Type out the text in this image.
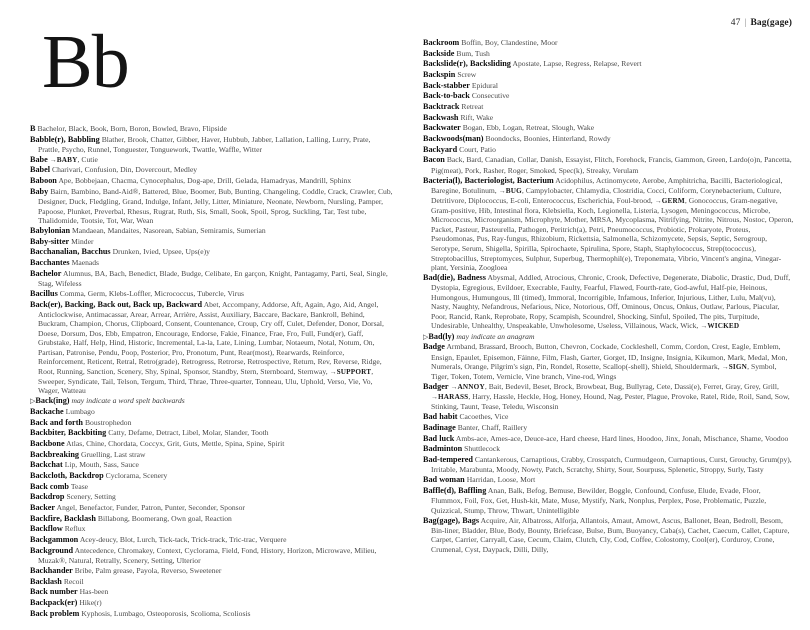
47 | Bag(gage)
Bb
B Bachelor, Black, Book, Born, Boron, Bowled, Bravo, Flipside
Babble(r), Babbling Blather, Brook, Chatter, Gibber, Haver, Hubbub, Jabber, Lallation, Lalling, Lurry, Prate, Prattle, Psycho, Runnel, Tonguester, Tonguework, Twattle, Waffle, Witter
Babe →BABY, Cutie
Babel Charivari, Confusion, Din, Dovercourt, Medley
Baboon Ape, Bobbejaan, Chacma, Cynocephalus, Dog-ape, Drill, Gelada, Hamadryas, Mandrill, Sphinx
Baby Bairn, Bambino, Band-Aid®, Battered, Blue, Boomer, Bub, Bunting, Changeling, Coddle, Crack, Crawler, Cub, Designer, Duck, Fledgling, Grand, Indulge, Infant, Jelly, Litter, Miniature, Neonate, Newborn, Nursling, Pamper, Papoose, Plunket, Preverbal, Rhesus, Rugrat, Ruth, Sis, Small, Sook, Spoil, Sprog, Suckling, Tar, Test tube, Thalidomide, Tootsie, Tot, War, Wean
Babylonian Mandaean, Mandaites, Nasorean, Sabian, Semiramis, Sumerian
Baby-sitter Minder
Bacchanalian, Bacchus Drunken, Ivied, Upsee, Ups(e)y
Bacchantes Maenads
Bachelor Alumnus, BA, Bach, Benedict, Blade, Budge, Celibate, En garçon, Knight, Pantagamy, Parti, Seal, Single, Stag, Wifeless
Bacillus Comma, Germ, Klebs-Loffler, Micrococcus, Tubercle, Virus
Back(er), Backing, Back out, Back up, Backward Abet, Accompany, Addorse, Aft, Again, Ago, Aid, Angel, Anticlockwise, Antimacassar, Arear, Arrear, Arrière, Assist, Auxiliary, Baccare, Backare, Bankroll, Behind, Buckram, Champion, Chorus, Clipboard, Consent, Countenance, Croup, Cry off, Culet, Defender, Donor, Dorsal, Doese, Dorsum, Dos, Ebb, Empatron, Encourage, Endorse, Fakie, Finance, Frae, Fro, Full, Fund(er), Gaff, Grubstake, Half, Help, Hind, Historic, Incremental, La-la, Late, Lining, Lumbar, Notaeum, Notal, Notum, On, Partisan, Patronise, Pendu, Poop, Posterior, Pro, Pronotum, Punt, Rear(most), Rearwards, Reinforce, Reinforcement, Reticent, Retral, Retro(grade), Retrogress, Retrorse, Retrospective, Return, Rev, Reverse, Ridge, Root, Running, Sanction, Scenery, Shy, Spinal, Sponsor, Standby, Stern, Sternboard, Sternway, →SUPPORT, Sweeper, Syndicate, Tail, Telson, Tergum, Third, Thrae, Three-quarter, Tonneau, Ulu, Uphold, Verso, Vie, Vo, Wager, Watteau
▷Back(ing) may indicate a word spelt backwards
Backache Lumbago
Back and forth Boustrophedon
Backbiter, Backbiting Catty, Defame, Detract, Libel, Molar, Slander, Tooth
Backbone Atlas, Chine, Chordata, Coccyx, Grit, Guts, Mettle, Spina, Spine, Spirit
Backbreaking Gruelling, Last straw
Backchat Lip, Mouth, Sass, Sauce
Backcloth, Backdrop Cyclorama, Scenery
Back comb Tease
Backdrop Scenery, Setting
Backer Angel, Benefactor, Funder, Patron, Punter, Seconder, Sponsor
Backfire, Backlash Billabong, Boomerang, Own goal, Reaction
Backflow Reflux
Backgammon Acey-deucy, Blot, Lurch, Tick-tack, Trick-track, Tric-trac, Verquere
Background Antecedence, Chromakey, Context, Cyclorama, Field, Fond, History, Horizon, Microwave, Milieu, Muzak®, Natural, Retrally, Scenery, Setting, Ulterior
Backhander Bribe, Palm grease, Payola, Reverso, Sweetener
Backlash Recoil
Back number Has-been
Backpack(er) Hike(r)
Back problem Kyphosis, Lumbago, Osteoporosis, Scolioma, Scoliosis
Backroom Boffin, Boy, Clandestine, Moor
Backside Bum, Tush
Backslide(r), Backsliding Apostate, Lapse, Regress, Relapse, Revert
Backspin Screw
Back-stabber Epidural
Back-to-back Consecutive
Backtrack Retreat
Backwash Rift, Wake
Backwater Bogan, Ebb, Logan, Retreat, Slough, Wake
Backwoods(man) Boondocks, Boonies, Hinterland, Rowdy
Backyard Court, Patio
Bacon Back, Bard, Canadian, Collar, Danish, Essayist, Flitch, Forehock, Francis, Gammon, Green, Lardo(o)n, Pancetta, Pig(meat), Pork, Rasher, Roger, Smoked, Spec(k), Streaky, Verulam
Bacteria(l), Bacteriologist, Bacterium Acidophilus, Actinomycete, Aerobe, Amphitricha, Bacilli, Bacteriological, Baregine, Botulinum, →BUG, Campylobacter, Chlamydia, Clostridia, Cocci, Coliform, Corynebacterium, Culture, Detritivore, Diplococcus, E-coli, Enterococcus, Escherichia, Foul-brood, →GERM, Gonococcus, Gram-negative, Gram-positive, Hib, Intestinal flora, Klebsiella, Koch, Legionella, Listeria, Lysogen, Meningococcus, Microbe, Micrococcus, Microorganism, Microphyte, Mother, MRSA, Mycoplasma, Nitrifying, Nitrite, Nitrous, Nostoc, Operon, Packet, Pasteur, Pasteurella, Pathogen, Peritrich(a), Petri, Pneumococcus, Probiotic, Prokaryote, Proteus, Pseudomonas, Pus, Ray-fungus, Rhizobium, Rickettsia, Salmonella, Schizomycete, Sepsis, Septic, Serogroup, Serotype, Serum, Shigella, Spirilla, Spirochaete, Spirulina, Spore, Staph, Staphylococcus, Strep(tococcus), Streptobacillus, Streptomyces, Sulphur, Superbug, Thermophil(e), Treponemata, Vibrio, Vincent's angina, Vinegar-plant, Yersinia, Zoogloea
Bad(die), Badness Abysmal, Addled, Atrocious, Chronic, Crook, Defective, Degenerate, Diabolic, Drastic, Dud, Duff, Dystopia, Egregious, Evildoer, Execrable, Faulty, Fearful, Flawed, Fourth-rate, God-awful, Half-pie, Heinous, Humongous, Humungous, Ill (timed), Immoral, Incorrigible, Infamous, Inferior, Injurious, Lither, Lulu, Mal(vu), Nasty, Naughty, Nefandrous, Nefarious, Nice, Notorious, Off, Ominous, Oncus, Onkus, Outlaw, Parlous, Piacular, Poor, Rancid, Rank, Reprobate, Ropy, Scampish, Scoundrel, Shocking, Sinful, Spoiled, The pits, Turpitude, Undesirable, Unhealthy, Unspeakable, Unwholesome, Useless, Villainous, Wack, Wick, →WICKED
▷Bad(ly) may indicate an anagram
Badge Armband, Brassard, Brooch, Button, Chevron, Cockade, Cockleshell, Comm, Cordon, Crest, Eagle, Emblem, Ensign, Epaulet, Episemon, Fáinne, Film, Flash, Garter, Gorget, ID, Insigne, Insignia, Kikumon, Mark, Medal, Mon, Numerals, Orange, Pilgrim's sign, Pin, Rondel, Rosette, Scallop(-shell), Shield, Shouldermark, →SIGN, Symbol, Tiger, Token, Totem, Vernicle, Vine branch, Vine-rod, Wings
Badger →ANNOY, Bait, Bedevil, Beset, Brock, Browbeat, Bug, Bullyrag, Cete, Dassi(e), Ferret, Gray, Grey, Grill, →HARASS, Harry, Hassle, Heckle, Hog, Honey, Hound, Nag, Pester, Plague, Provoke, Ratel, Ride, Roil, Sand, Sow, Stinking, Taunt, Tease, Teledu, Wisconsin
Bad habit Cacoethes, Vice
Badinage Banter, Chaff, Raillery
Bad luck Ambs-ace, Ames-ace, Deuce-ace, Hard cheese, Hard lines, Hoodoo, Jinx, Jonah, Mischance, Shame, Voodoo
Badminton Shuttlecock
Bad-tempered Cantankerous, Carnaptious, Crabby, Crosspatch, Curmudgeon, Curnaptious, Curst, Grouchy, Grum(py), Irritable, Marabunta, Moody, Nowty, Patch, Scratchy, Shirty, Sour, Sourpuss, Splenetic, Stroppy, Surly, Tasty
Bad woman Harridan, Loose, Mort
Baffle(d), Baffling Anan, Balk, Befog, Bemuse, Bewilder, Boggle, Confound, Confuse, Elude, Evade, Floor, Flummox, Foil, Fox, Get, Hush-kit, Mate, Muse, Mystify, Nark, Nonplus, Perplex, Pose, Problematic, Puzzle, Quizzical, Stump, Throw, Thwart, Unintelligible
Bag(gage), Bags Acquire, Air, Albatross, Alforja, Allantois, Amaut, Amowt, Ascus, Ballonet, Bean, Bedroll, Besom, Bin-liner, Bladder, Blue, Body, Bounty, Briefcase, Bulse, Bum, Buoyancy, Caba(s), Cachet, Caecum, Callet, Capture, Carpet, Carrier, Carryall, Case, Cecum, Claim, Clutch, Cly, Cod, Coffee, Colostomy, Cool(er), Corduroy, Crone, Crumenal, Cyst, Daypack, Dilli, Dilly,
